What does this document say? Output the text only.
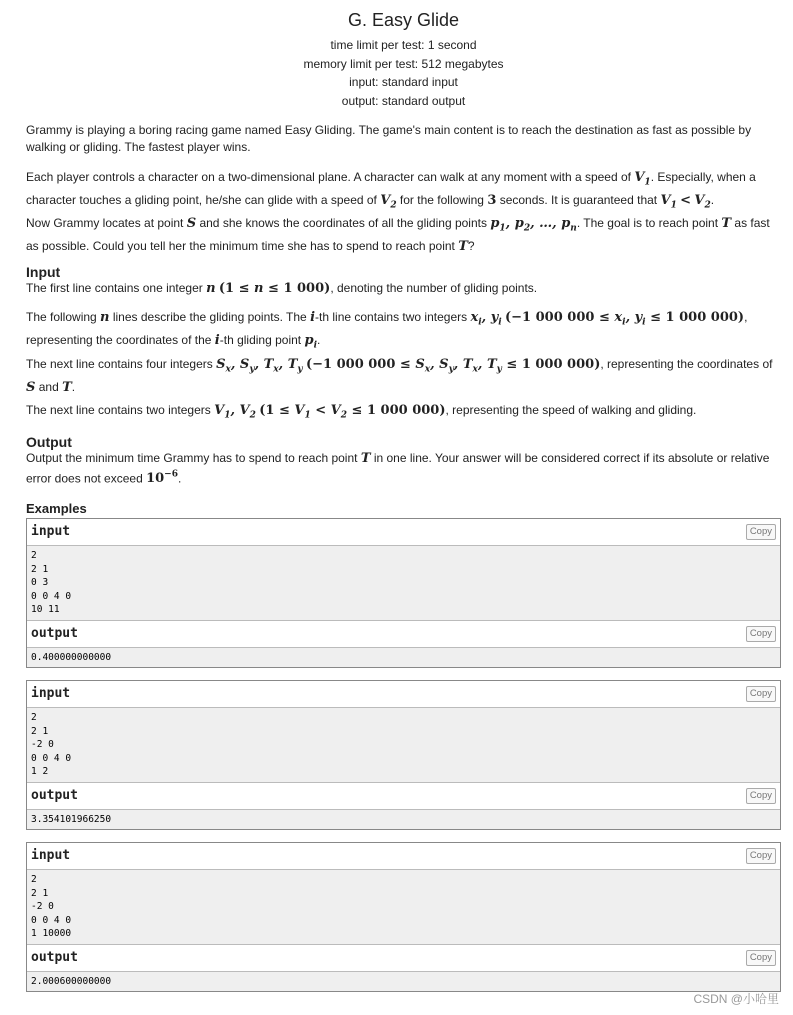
G. Easy Glide
time limit per test: 1 second
memory limit per test: 512 megabytes
input: standard input
output: standard output
Grammy is playing a boring racing game named Easy Gliding. The game's main content is to reach the destination as fast as possible by walking or gliding. The fastest player wins.
Each player controls a character on a two-dimensional plane. A character can walk at any moment with a speed of $V_1$. Especially, when a character touches a gliding point, he/she can glide with a speed of $V_2$ for the following 3 seconds. It is guaranteed that $V_1 < V_2$.
Now Grammy locates at point S and she knows the coordinates of all the gliding points $p_1$, $p_2$, …, $p_n$. The goal is to reach point T as fast as possible. Could you tell her the minimum time she has to spend to reach point T?
Input
The first line contains one integer n (1 ≤ n ≤ 1 000), denoting the number of gliding points.
The following n lines describe the gliding points. The i-th line contains two integers $x_i$, $y_i$ (−1 000 $000 \le x_i$, $y_i \le 1$ 000 000), representing the coordinates of the i-th gliding point $p_i$.
The next line contains four integers $S_x$, $S_y$, $T_x$, $T_y$ (−1 000 $000 \le S_x$, $S_y$, $T_x$, $T_y \le 1$ 000 000), representing the coordinates of S and T.
The next line contains two integers $V_1$, $V_2$ ($1 \le V_1 < V_2 \le 1$ 000 000), representing the speed of walking and gliding.
Output
Output the minimum time Grammy has to spend to reach point T in one line. Your answer will be considered correct if its absolute or relative error does not exceed $10^{-6}$.
Examples
input	Copy
2
2 1
0 3
0 0 4 0
10 11
output	Copy
0.400000000000
input	Copy
2
2 1
-2 0
0 0 4 0
1 2
output	Copy
3.354101966250
input	Copy
2
2 1
-2 0
0 0 4 0
1 10000
output	Copy
2.000600000000
CSDN @小哈里
